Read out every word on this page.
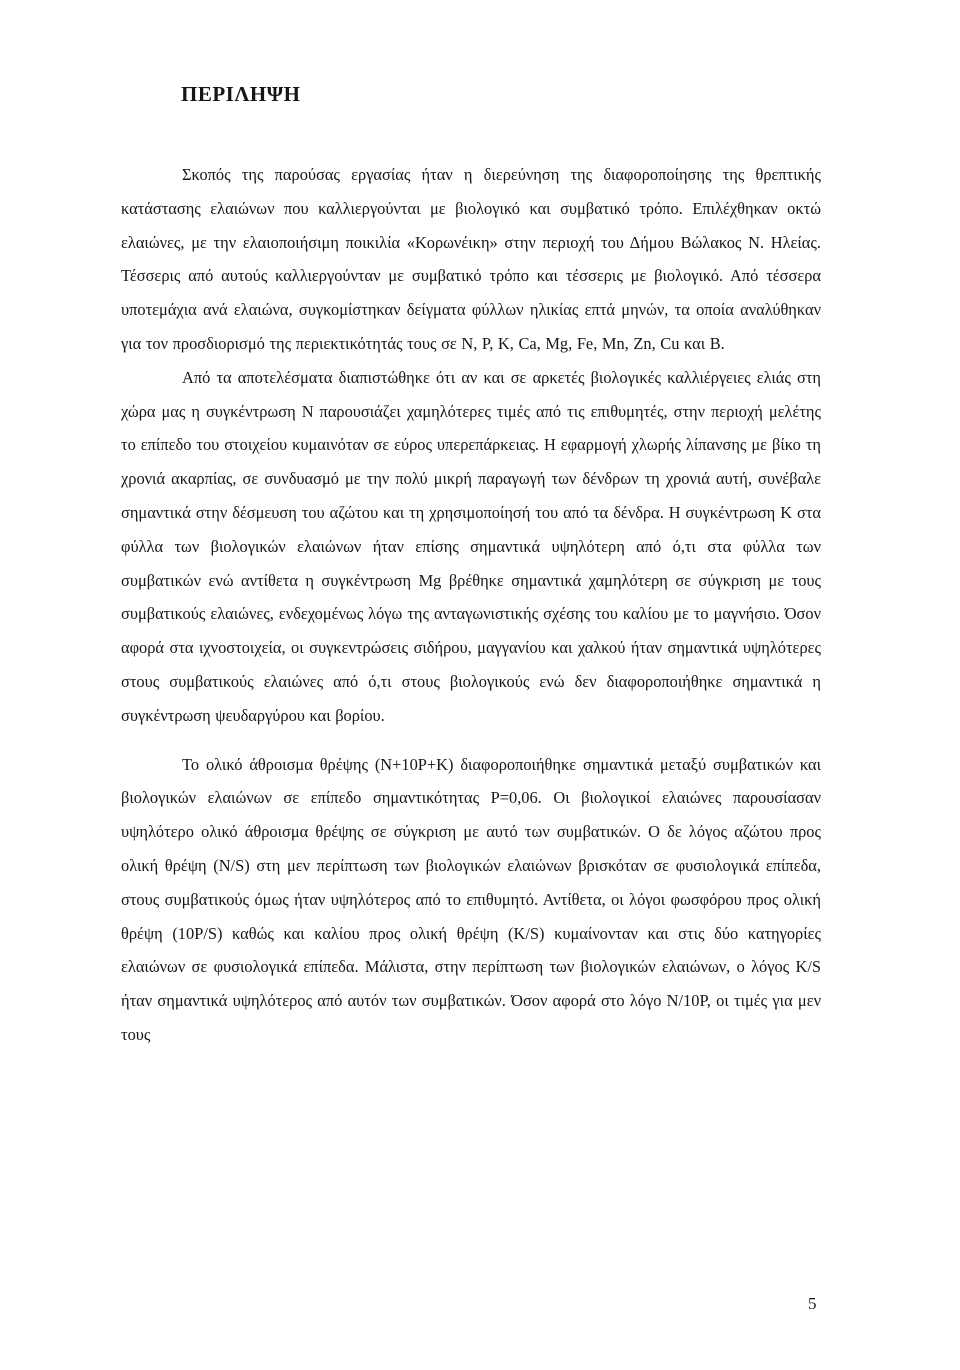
ΠΕΡΙΛΗΨΗ

Σκοπός της παρούσας εργασίας ήταν η διερεύνηση της διαφοροποίησης της θρεπτικής κατάστασης ελαιώνων που καλλιεργούνται με βιολογικό και συμβατικό τρόπο. Επιλέχθηκαν οκτώ ελαιώνες, με την ελαιοποιήσιμη ποικιλία «Κορωνέικη» στην περιοχή του Δήμου Βώλακος Ν. Ηλείας. Τέσσερις από αυτούς καλλιεργούνταν με συμβατικό τρόπο και τέσσερις με βιολογικό. Από τέσσερα υποτεμάχια ανά ελαιώνα, συγκομίστηκαν δείγματα φύλλων ηλικίας επτά μηνών, τα οποία αναλύθηκαν για τον προσδιορισμό της περιεκτικότητάς τους σε N, P, K, Ca, Mg, Fe, Mn, Zn, Cu και B.

Από τα αποτελέσματα διαπιστώθηκε ότι αν και σε αρκετές βιολογικές καλλιέργειες ελιάς στη χώρα μας η συγκέντρωση N παρουσιάζει χαμηλότερες τιμές από τις επιθυμητές, στην περιοχή μελέτης το επίπεδο του στοιχείου κυμαινόταν σε εύρος υπερεπάρκειας. Η εφαρμογή χλωρής λίπανσης με βίκο τη χρονιά ακαρπίας, σε συνδυασμό με την πολύ μικρή παραγωγή των δένδρων τη χρονιά αυτή, συνέβαλε σημαντικά στην δέσμευση του αζώτου και τη χρησιμοποίησή του από τα δένδρα. Η συγκέντρωση K στα φύλλα των βιολογικών ελαιώνων ήταν επίσης σημαντικά υψηλότερη από ό,τι στα φύλλα των συμβατικών ενώ αντίθετα η συγκέντρωση Mg βρέθηκε σημαντικά χαμηλότερη σε σύγκριση με τους συμβατικούς ελαιώνες, ενδεχομένως λόγω της ανταγωνιστικής σχέσης του καλίου με το μαγνήσιο. Όσον αφορά στα ιχνοστοιχεία, οι συγκεντρώσεις σιδήρου, μαγγανίου και χαλκού ήταν σημαντικά υψηλότερες στους συμβατικούς ελαιώνες από ό,τι στους βιολογικούς ενώ δεν διαφοροποιήθηκε σημαντικά η συγκέντρωση ψευδαργύρου και βορίου.

Το ολικό άθροισμα θρέψης (N+10P+K) διαφοροποιήθηκε σημαντικά μεταξύ συμβατικών και βιολογικών ελαιώνων σε επίπεδο σημαντικότητας P=0,06. Οι βιολογικοί ελαιώνες παρουσίασαν υψηλότερο ολικό άθροισμα θρέψης σε σύγκριση με αυτό των συμβατικών. Ο δε λόγος αζώτου προς ολική θρέψη (N/S) στη μεν περίπτωση των βιολογικών ελαιώνων βρισκόταν σε φυσιολογικά επίπεδα, στους συμβατικούς όμως ήταν υψηλότερος από το επιθυμητό. Αντίθετα, οι λόγοι φωσφόρου προς ολική θρέψη (10P/S) καθώς και καλίου προς ολική θρέψη (K/S) κυμαίνονταν και στις δύο κατηγορίες ελαιώνων σε φυσιολογικά επίπεδα. Μάλιστα, στην περίπτωση των βιολογικών ελαιώνων, ο λόγος K/S ήταν σημαντικά υψηλότερος από αυτόν των συμβατικών. Όσον αφορά στο λόγο N/10P, οι τιμές για μεν τους

5
